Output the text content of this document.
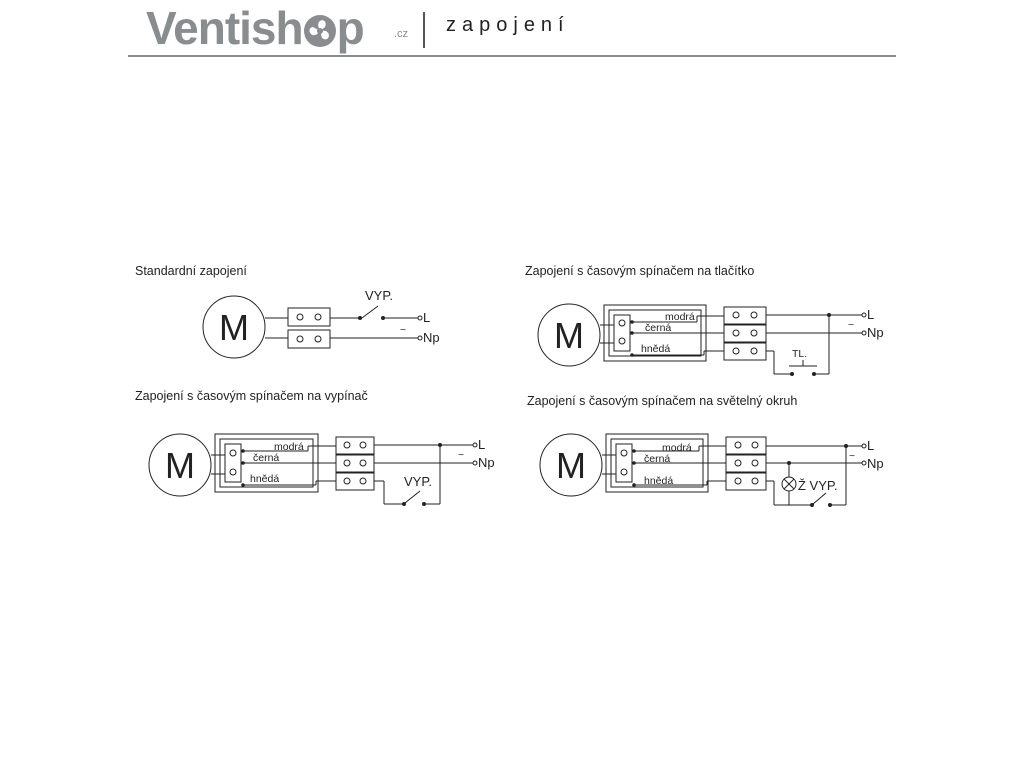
Ventish p	.cz zapojení
Standardní zapojení
M
VYP.
L
Np
~
Zapojení s časovým spínačem na tlačítko
M	modrá
černá
hnědá	TL.
L
Np
~
Zapojení s časovým spínačem na vypínač
M	modrá
černá
hnědá	VYP.
L
Np
~
Zapojení s časovým spínačem na světelný okruh
M	modrá
černá
hnědá	Ž VYP.
L
Np
~
